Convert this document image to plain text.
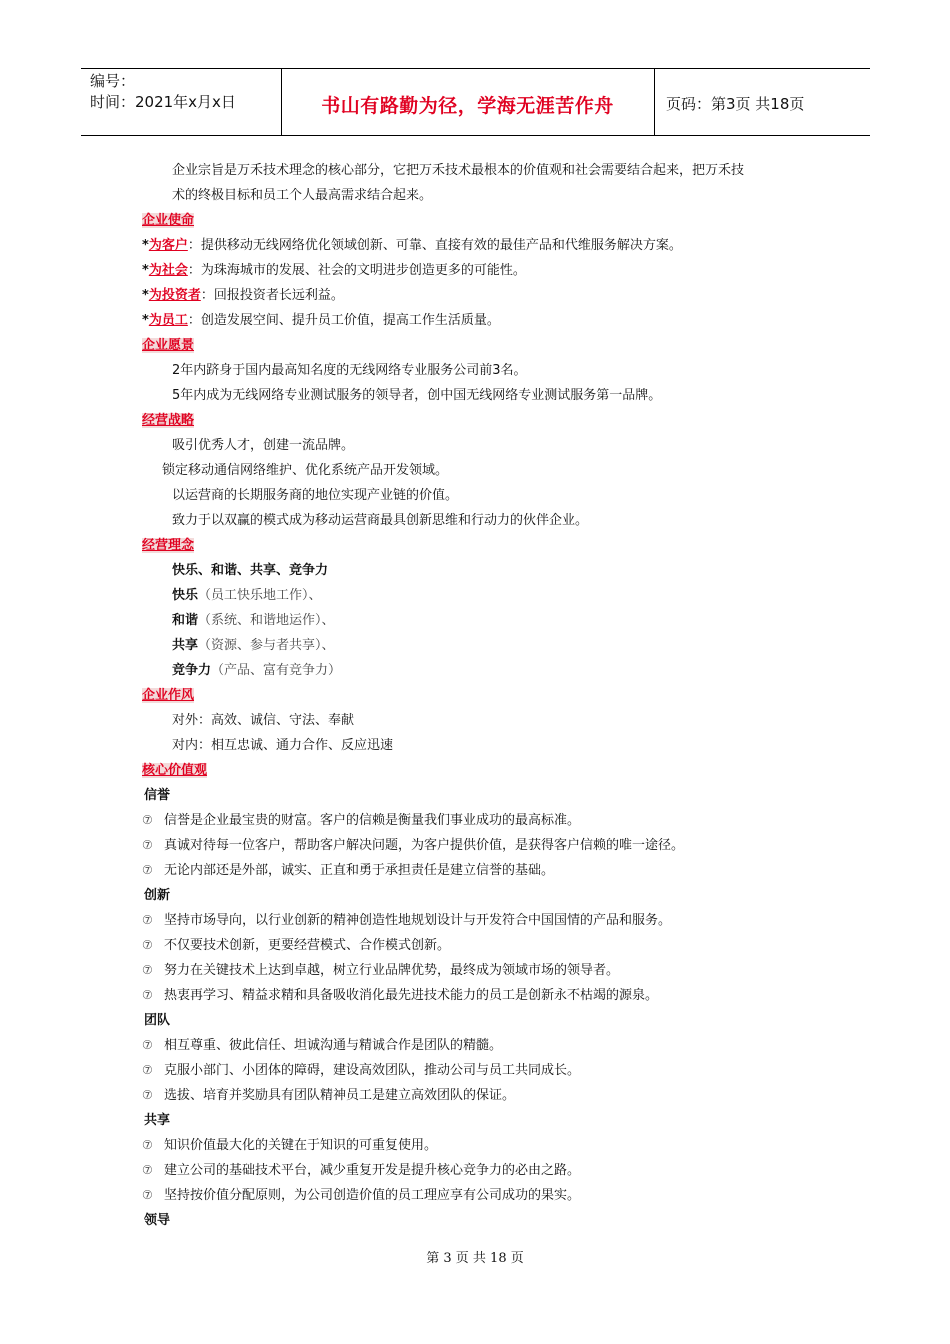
编号：
时间：2021年x月x日	书山有路勤为径，学海无涯苦作舟	页码：第3页 共18页
企业宗旨是万禾技术理念的核心部分，它把万禾技术最根本的价值观和社会需要结合起来，把万禾技
术的终极目标和员工个人最高需求结合起来。
企业使命
*为客户：提供移动无线网络优化领域创新、可靠、直接有效的最佳产品和代维服务解决方案。
*为社会：为珠海城市的发展、社会的文明进步创造更多的可能性。
*为投资者：回报投资者长远利益。
*为员工：创造发展空间、提升员工价值，提高工作生活质量。
企业愿景
2年内跻身于国内最高知名度的无线网络专业服务公司前3名。
5年内成为无线网络专业测试服务的领导者，创中国无线网络专业测试服务第一品牌。
经营战略
吸引优秀人才，创建一流品牌。
锁定移动通信网络维护、优化系统产品开发领域。
以运营商的长期服务商的地位实现产业链的价值。
致力于以双赢的模式成为移动运营商最具创新思维和行动力的伙伴企业。
经营理念
快乐、和谐、共享、竞争力
快乐（员工快乐地工作）、
和谐（系统、和谐地运作）、
共享（资源、参与者共享）、
竞争力（产品、富有竞争力）
企业作风
对外：高效、诚信、守法、奉献
对内：相互忠诚、通力合作、反应迅速
核心价值观
信誉
⑦ 信誉是企业最宝贵的财富。客户的信赖是衡量我们事业成功的最高标准。
⑦ 真诚对待每一位客户，帮助客户解决问题，为客户提供价值，是获得客户信赖的唯一途径。
⑦ 无论内部还是外部，诚实、正直和勇于承担责任是建立信誉的基础。
创新
⑦ 坚持市场导向，以行业创新的精神创造性地规划设计与开发符合中国国情的产品和服务。
⑦ 不仅要技术创新，更要经营模式、合作模式创新。
⑦ 努力在关键技术上达到卓越，树立行业品牌优势，最终成为领域市场的领导者。
⑦ 热衷再学习、精益求精和具备吸收消化最先进技术能力的员工是创新永不枯竭的源泉。
团队
⑦ 相互尊重、彼此信任、坦诚沟通与精诚合作是团队的精髓。
⑦ 克服小部门、小团体的障碍，建设高效团队，推动公司与员工共同成长。
⑦ 选拔、培育并奖励具有团队精神员工是建立高效团队的保证。
共享
⑦ 知识价值最大化的关键在于知识的可重复使用。
⑦ 建立公司的基础技术平台，减少重复开发是提升核心竞争力的必由之路。
⑦ 坚持按价值分配原则，为公司创造价值的员工理应享有公司成功的果实。
领导
第 3 页 共 18 页
